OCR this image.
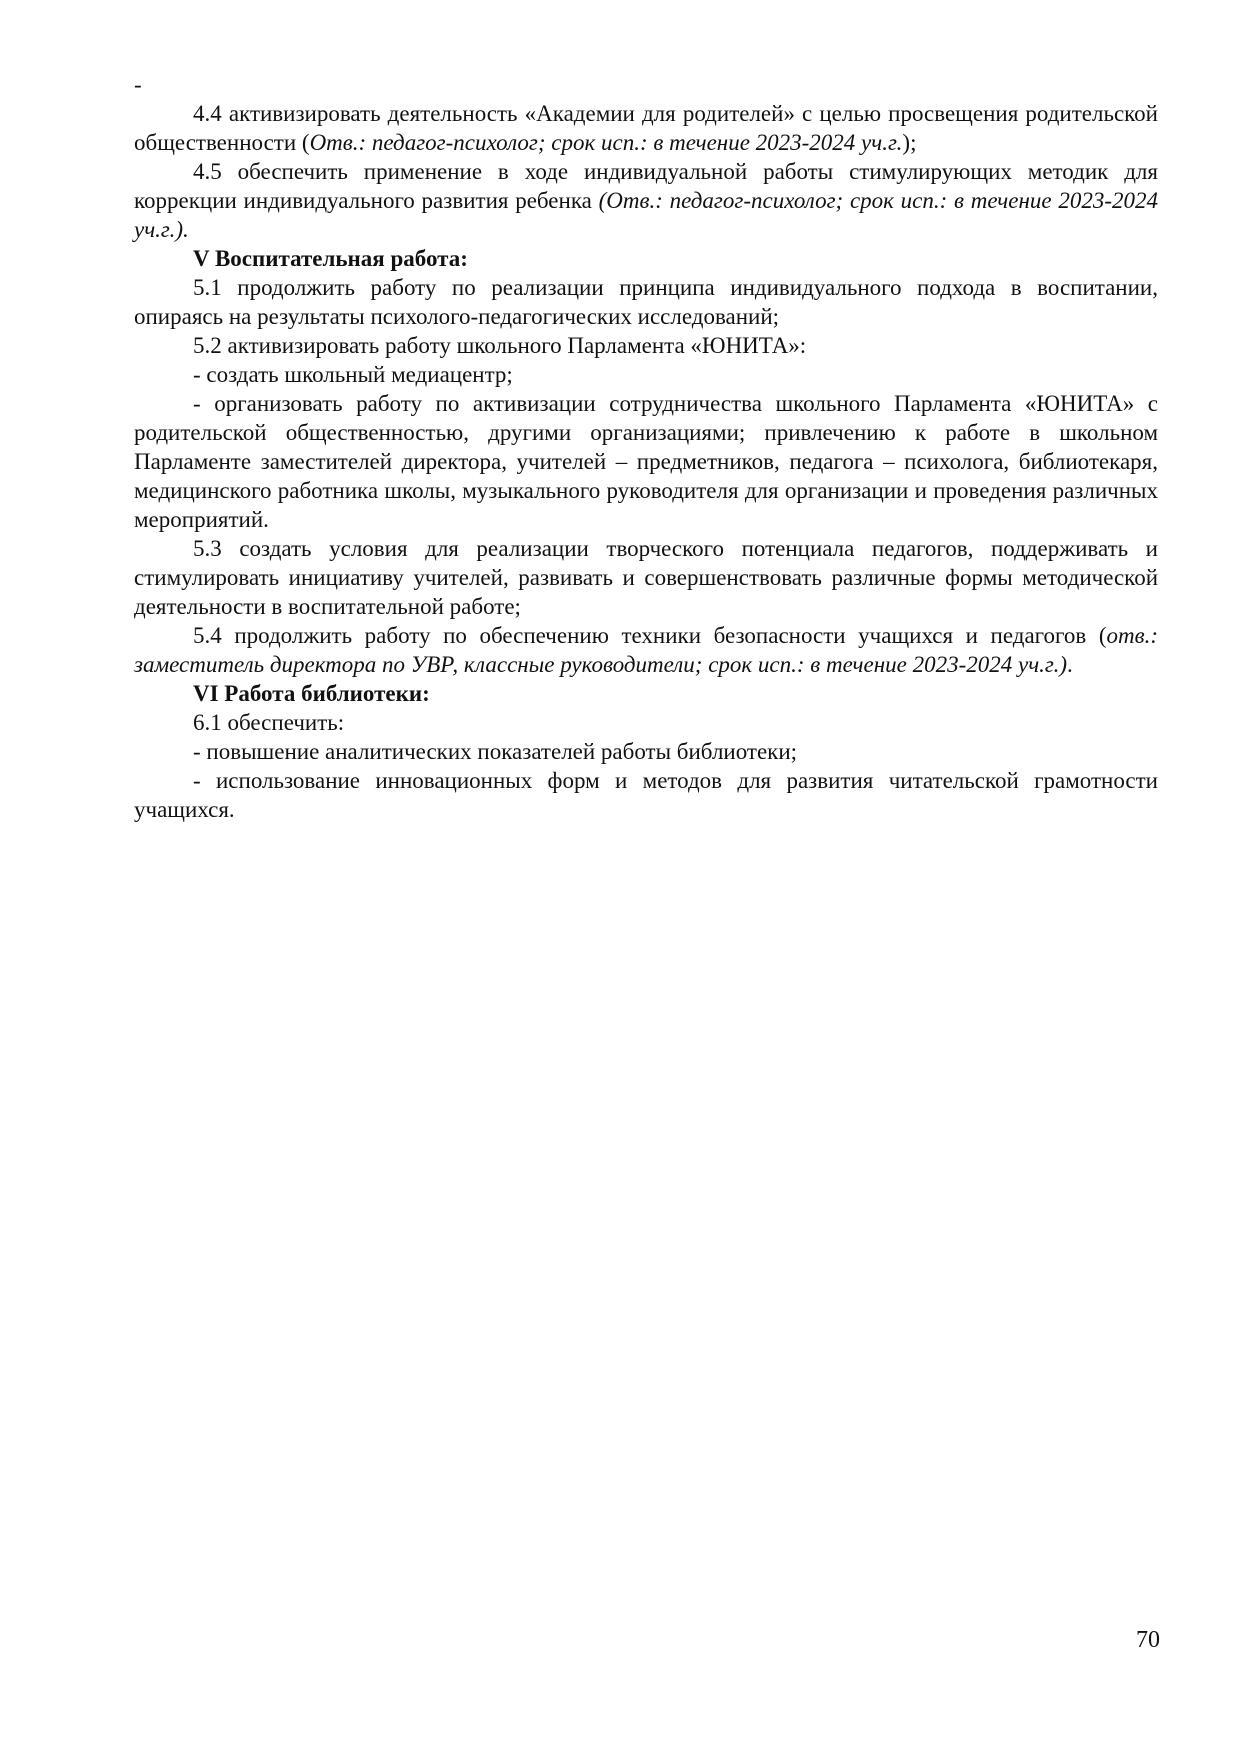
-

4.4 активизировать деятельность «Академии для родителей» с целью просвещения родительской общественности (Отв.: педагог-психолог; срок исп.: в течение 2023-2024 уч.г.);

4.5 обеспечить применение в ходе индивидуальной работы стимулирующих методик для коррекции индивидуального развития ребенка (Отв.: педагог-психолог; срок исп.: в течение 2023-2024 уч.г.).

V Воспитательная работа:

5.1 продолжить работу по реализации принципа индивидуального подхода в воспитании, опираясь на результаты психолого-педагогических исследований;

5.2 активизировать работу школьного Парламента «ЮНИТА»:

- создать школьный медиацентр;

- организовать работу по активизации сотрудничества школьного Парламента «ЮНИТА» с родительской общественностью, другими организациями; привлечению к работе в школьном Парламенте заместителей директора, учителей – предметников, педагога – психолога, библиотекаря, медицинского работника школы, музыкального руководителя для организации и проведения различных мероприятий.

5.3 создать условия для реализации творческого потенциала педагогов, поддерживать и стимулировать инициативу учителей, развивать и совершенствовать различные формы методической деятельности в воспитательной работе;

5.4 продолжить работу по обеспечению техники безопасности учащихся и педагогов (отв.: заместитель директора по УВР, классные руководители; срок исп.: в течение 2023-2024 уч.г.).

VI Работа библиотеки:

6.1 обеспечить:

- повышение аналитических показателей работы библиотеки;

- использование инновационных форм и методов для развития читательской грамотности учащихся.

70
